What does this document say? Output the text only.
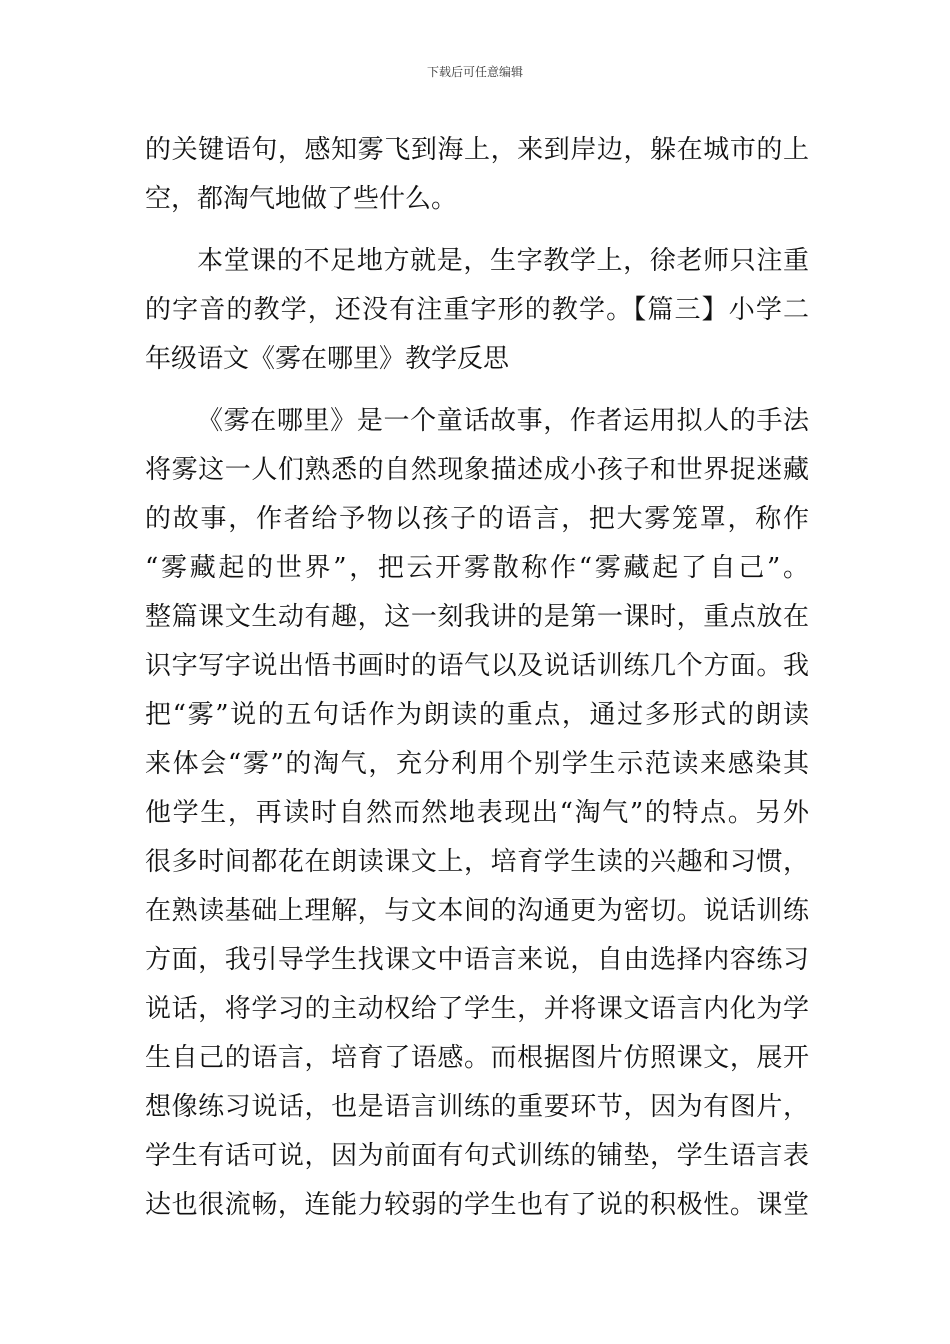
下载后可任意编辑
的关键语句，感知雾飞到海上，来到岸边，躲在城市的上
空，都淘气地做了些什么。
本堂课的不足地方就是，生字教学上，徐老师只注重
的字音的教学，还没有注重字形的教学。【篇三】小学二
年级语文《雾在哪里》教学反思
《雾在哪里》是一个童话故事，作者运用拟人的手法
将雾这一人们熟悉的自然现象描述成小孩子和世界捉迷藏
的故事，作者给予物以孩子的语言，把大雾笼罩，称作
“雾藏起的世界”，把云开雾散称作“雾藏起了自己”。
整篇课文生动有趣，这一刻我讲的是第一课时，重点放在
识字写字说出悟书画时的语气以及说话训练几个方面。我
把“雾”说的五句话作为朗读的重点，通过多形式的朗读
来体会“雾”的淘气，充分利用个别学生示范读来感染其
他学生，再读时自然而然地表现出“淘气”的特点。另外
很多时间都花在朗读课文上，培育学生读的兴趣和习惯，
在熟读基础上理解，与文本间的沟通更为密切。说话训练
方面，我引导学生找课文中语言来说，自由选择内容练习
说话，将学习的主动权给了学生，并将课文语言内化为学
生自己的语言，培育了语感。而根据图片仿照课文，展开
想像练习说话，也是语言训练的重要环节，因为有图片，
学生有话可说，因为前面有句式训练的铺垫，学生语言表
达也很流畅，连能力较弱的学生也有了说的积极性。课堂
